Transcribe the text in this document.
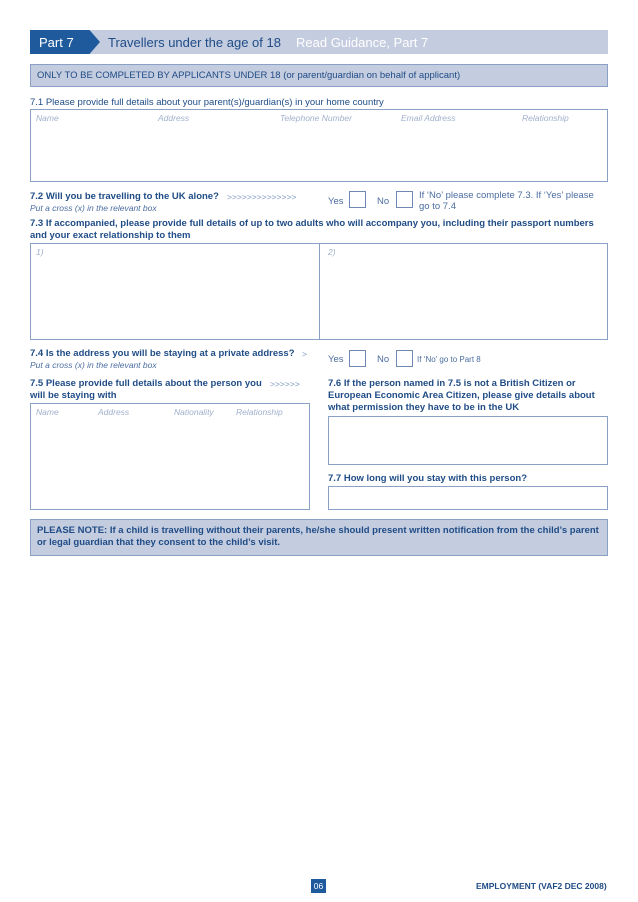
Part 7	Travellers under the age of 18 Read Guidance, Part 7
ONLY TO BE COMPLETED BY APPLICANTS UNDER 18 (or parent/guardian on behalf of applicant)
7.1 Please provide full details about your parent(s)/guardian(s) in your home country
Name	Address	Telephone Number	Email Address	Relationship
7.2 Will you be travelling to the UK alone? >>>>>>>>>>>>>>
Put a cross (x) in the relevant box
Yes	No
If ‘No’ please complete 7.3. If ‘Yes’ please go to 7.4
7.3 If accompanied, please provide full details of up to two adults who will accompany you, including their passport numbers and your exact relationship to them
1)	2)
7.4 Is the address you will be staying at a private address? >
Put a cross (x) in the relevant box	Yes	No	If ‘No’ go to Part 8
7.5 Please provide full details about the person you >>>>>>
will be staying with
Name	Address	Nationality	Relationship
7.6 If the person named in 7.5 is not a British Citizen or European Economic Area Citizen, please give details about what permission they have to be in the UK
7.7 How long will you stay with this person?
PLEASE NOTE: If a child is travelling without their parents, he/she should present written notification from the child’s parent or legal guardian that they consent to the child’s visit.
06	EMPLOYMENT (VAF2 DEC 2008)
